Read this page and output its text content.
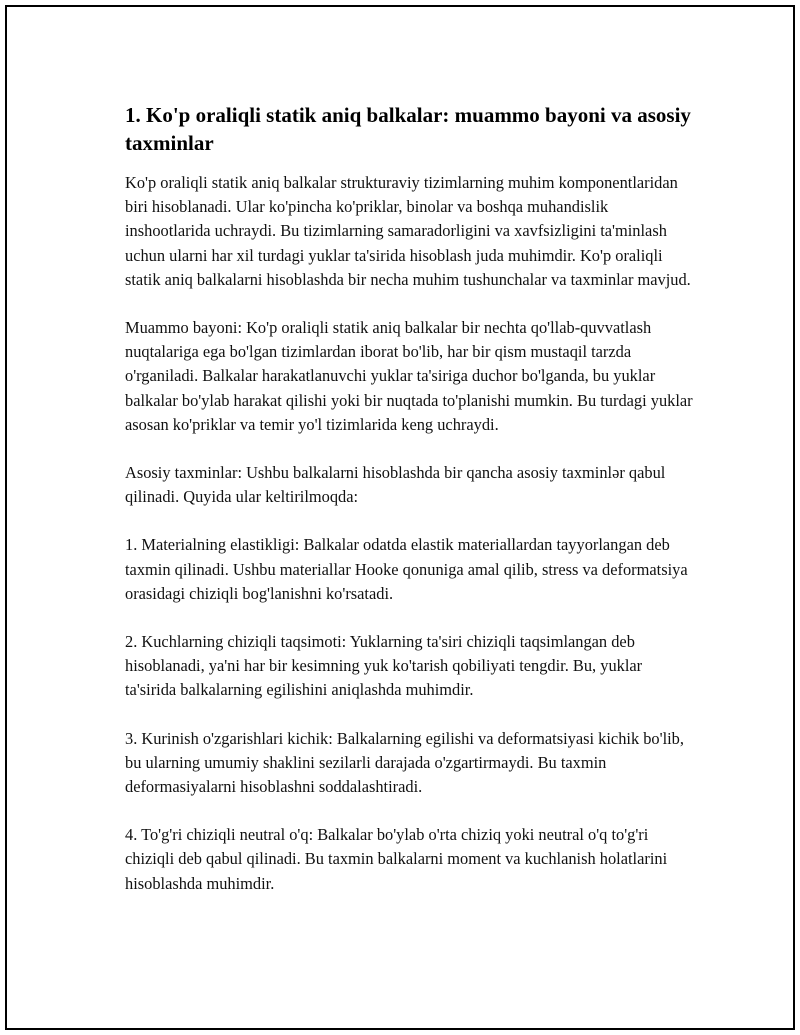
1. Ko'p oraliqli statik aniq balkalar: muammo bayoni va asosiy taxminlar

Ko'p oraliqli statik aniq balkalar strukturaviy tizimlarning muhim komponentlaridan biri hisoblanadi. Ular ko'pincha ko'priklar, binolar va boshqa muhandislik inshootlarida uchraydi. Bu tizimlarning samaradorligini va xavfsizligini ta'minlash uchun ularni har xil turdagi yuklar ta'sirida hisoblash juda muhimdir. Ko'p oraliqli statik aniq balkalarni hisoblashda bir necha muhim tushunchalar va taxminlar mavjud.

Muammo bayoni: Ko'p oraliqli statik aniq balkalar bir nechta qo'llab-quvvatlash nuqtalariga ega bo'lgan tizimlardan iborat bo'lib, har bir qism mustaqil tarzda o'rganiladi. Balkalar harakatlanuvchi yuklar ta'siriga duchor bo'lganda, bu yuklar balkalar bo'ylab harakat qilishi yoki bir nuqtada to'planishi mumkin. Bu turdagi yuklar asosan ko'priklar va temir yo'l tizimlarida keng uchraydi.

Asosiy taxminlar: Ushbu balkalarni hisoblashda bir qancha asosiy taxminlər qabul qilinadi. Quyida ular keltirilmoqda:

1. Materialning elastikligi: Balkalar odatda elastik materiallardan tayyorlangan deb taxmin qilinadi. Ushbu materiallar Hooke qonuniga amal qilib, stress va deformatsiya orasidagi chiziqli bog'lanishni ko'rsatadi.

2. Kuchlarning chiziqli taqsimoti: Yuklarning ta'siri chiziqli taqsimlangan deb hisoblanadi, ya'ni har bir kesimning yuk ko'tarish qobiliyati tengdir. Bu, yuklar ta'sirida balkalarning egilishini aniqlashda muhimdir.

3. Kurinish o'zgarishlari kichik: Balkalarning egilishi va deformatsiyasi kichik bo'lib, bu ularning umumiy shaklini sezilarli darajada o'zgartirmaydi. Bu taxmin deformasiyalarni hisoblashni soddalashtiradi.

4. To'g'ri chiziqli neutral o'q: Balkalar bo'ylab o'rta chiziq yoki neutral o'q to'g'ri chiziqli deb qabul qilinadi. Bu taxmin balkalarni moment va kuchlanish holatlarini hisoblashda muhimdir.
